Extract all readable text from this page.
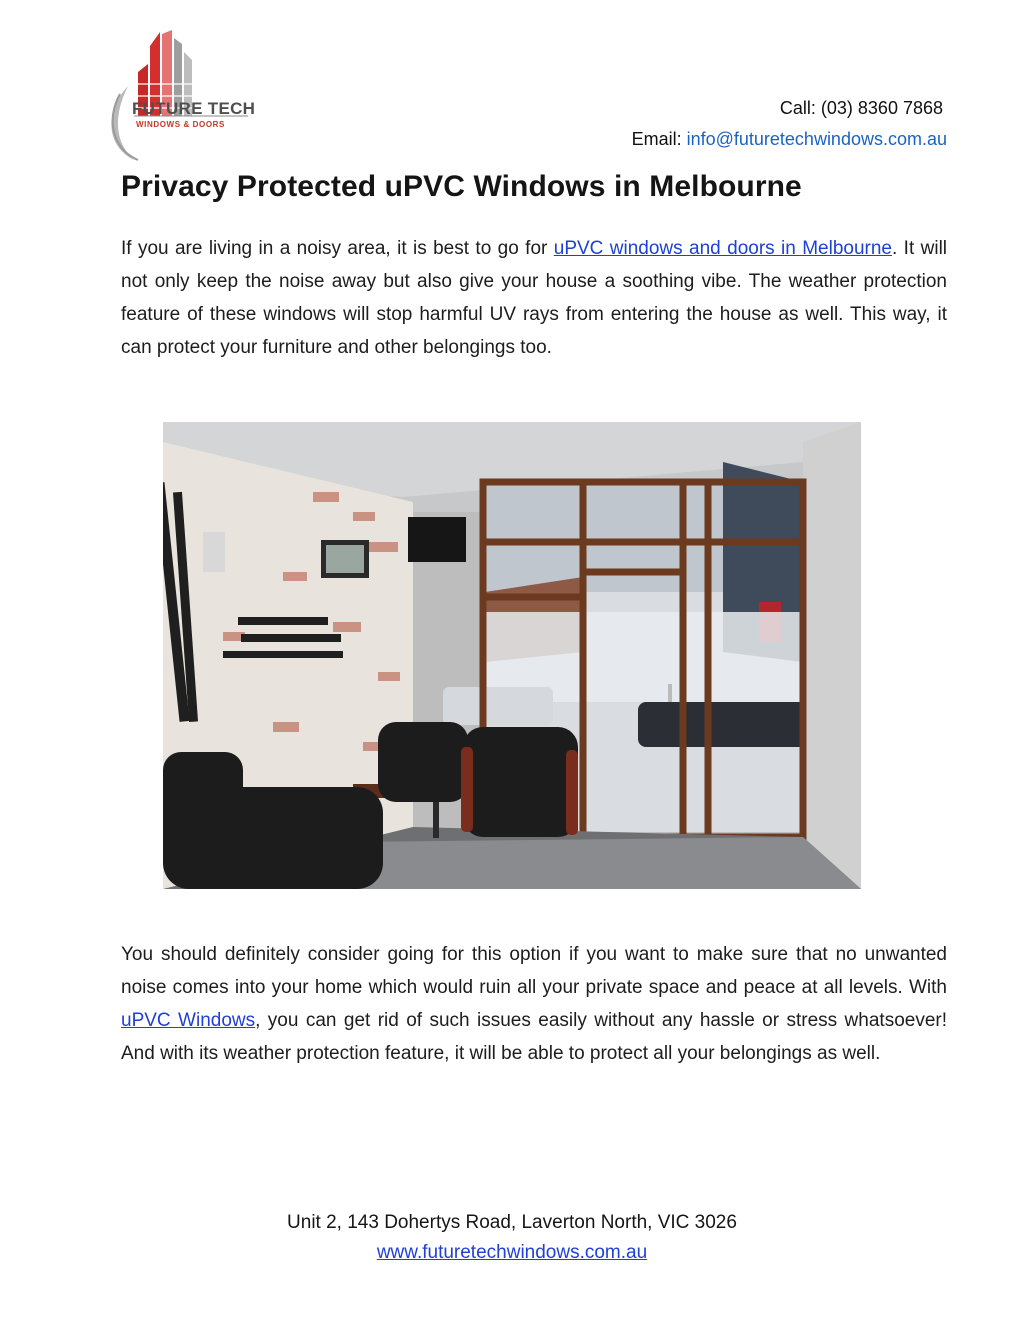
FUTURE TECH
WINDOWS & DOORS
Call: (03) 8360 7868
Email: info@futuretechwindows.com.au
Privacy Protected uPVC Windows in Melbourne

If you are living in a noisy area, it is best to go for uPVC windows and doors in Melbourne. It will not only keep the noise away but also give your house a soothing vibe. The weather protection feature of these windows will stop harmful UV rays from entering the house as well. This way, it can protect your furniture and other belongings too.

You should definitely consider going for this option if you want to make sure that no unwanted noise comes into your home which would ruin all your private space and peace at all levels. With uPVC Windows, you can get rid of such issues easily without any hassle or stress whatsoever! And with its weather protection feature, it will be able to protect all your belongings as well.

Unit 2, 143 Dohertys Road, Laverton North, VIC 3026
www.futuretechwindows.com.au
